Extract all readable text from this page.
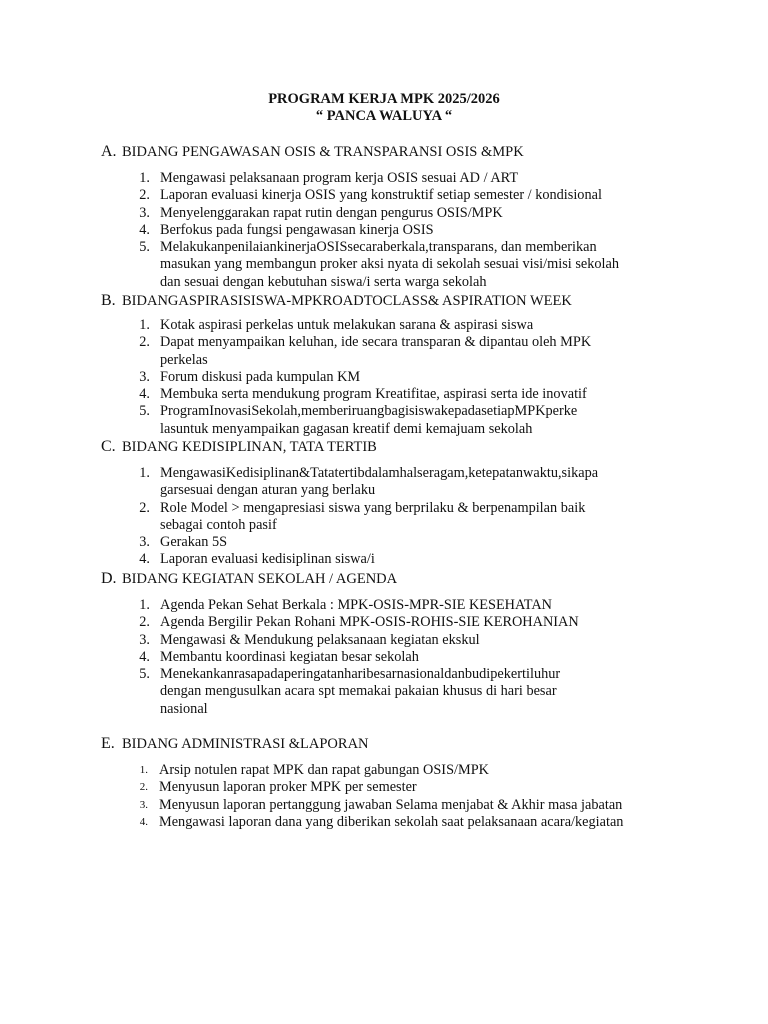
PROGRAM KERJA MPK 2025/2026
“ PANCA WALUYA “
A. BIDANG PENGAWASAN OSIS & TRANSPARANSI OSIS &MPK
1. Mengawasi pelaksanaan program kerja OSIS sesuai AD / ART
2. Laporan evaluasi kinerja OSIS yang konstruktif setiap semester / kondisional
3. Menyelenggarakan rapat rutin dengan pengurus OSIS/MPK
4. Berfokus pada fungsi pengawasan kinerja OSIS
5. MelakukanpenilaiankinerjaOSISsecaraberkala,transparans, dan memberikan
masukan yang membangun proker aksi nyata di sekolah sesuai visi/misi sekolah
dan sesuai dengan kebutuhan siswa/i serta warga sekolah
B. BIDANGASPIRASISISWA-MPKROADTOCLASS& ASPIRATION WEEK
1. Kotak aspirasi perkelas untuk melakukan sarana & aspirasi siswa
2. Dapat menyampaikan keluhan, ide secara transparan & dipantau oleh MPK
perkelas
3. Forum diskusi pada kumpulan KM
4. Membuka serta mendukung program Kreatifitae, aspirasi serta ide inovatif
5. ProgramInovasiSekolah,memberiruangbagisiswakepadasetiapMPKperke
lasuntuk menyampaikan gagasan kreatif demi kemajuam sekolah
C. BIDANG KEDISIPLINAN, TATA TERTIB
1. MengawasiKedisiplinan&Tatatertibdalamhalseragam,ketepatanwaktu,sikapa
garsesuai dengan aturan yang berlaku
2. Role Model > mengapresiasi siswa yang berprilaku & berpenampilan baik
sebagai contoh pasif
3. Gerakan 5S
4. Laporan evaluasi kedisiplinan siswa/i
D. BIDANG KEGIATAN SEKOLAH / AGENDA
1. Agenda Pekan Sehat Berkala : MPK-OSIS-MPR-SIE KESEHATAN
2. Agenda Bergilir Pekan Rohani MPK-OSIS-ROHIS-SIE KEROHANIAN
3. Mengawasi & Mendukung pelaksanaan kegiatan ekskul
4. Membantu koordinasi kegiatan besar sekolah
5. Menekankanrasapadaperingatanharibesarnasionaldanbudipekertiluhur
dengan mengusulkan acara spt memakai pakaian khusus di hari besar
nasional
E. BIDANG ADMINISTRASI &LAPORAN
1. Arsip notulen rapat MPK dan rapat gabungan OSIS/MPK
2. Menyusun laporan proker MPK per semester
3. Menyusun laporan pertanggung jawaban Selama menjabat & Akhir masa jabatan
4. Mengawasi laporan dana yang diberikan sekolah saat pelaksanaan acara/kegiatan
